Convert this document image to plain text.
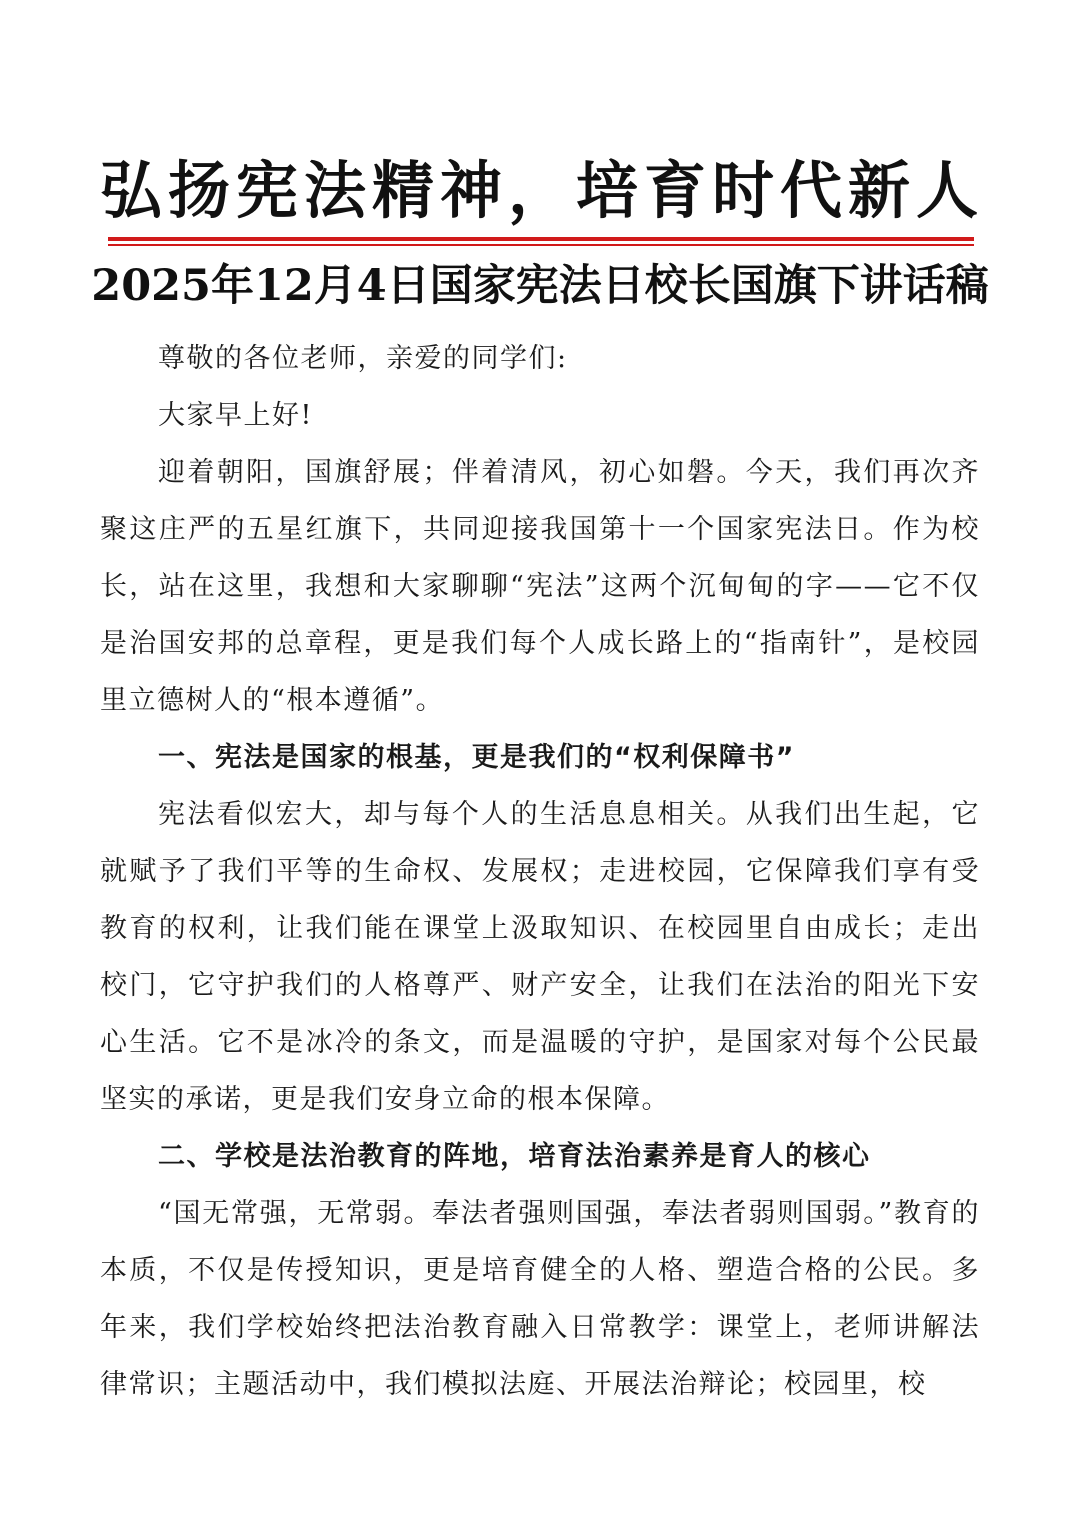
弘扬宪法精神，培育时代新人
2025年12月4日国家宪法日校长国旗下讲话稿

尊敬的各位老师，亲爱的同学们:

大家早上好!

迎着朝阳，国旗舒展；伴着清风，初心如磐。今天，我们再次齐聚这庄严的五星红旗下，共同迎接我国第十一个国家宪法日。作为校长，站在这里，我想和大家聊聊“宪法”这两个沉甸甸的字——它不仅是治国安邦的总章程，更是我们每个人成长路上的“指南针”，是校园里立德树人的“根本遵循”。

一、宪法是国家的根基，更是我们的“权利保障书”

宪法看似宏大，却与每个人的生活息息相关。从我们出生起，它就赋予了我们平等的生命权、发展权；走进校园，它保障我们享有受教育的权利，让我们能在课堂上汲取知识、在校园里自由成长；走出校门，它守护我们的人格尊严、财产安全，让我们在法治的阳光下安心生活。它不是冰冷的条文，而是温暖的守护，是国家对每个公民最坚实的承诺，更是我们安身立命的根本保障。

二、学校是法治教育的阵地，培育法治素养是育人的核心

“国无常强，无常弱。奉法者强则国强，奉法者弱则国弱。”教育的本质，不仅是传授知识，更是培育健全的人格、塑造合格的公民。多年来，我们学校始终把法治教育融入日常教学：课堂上，老师讲解法律常识；主题活动中，我们模拟法庭、开展法治辩论；校园里，校
